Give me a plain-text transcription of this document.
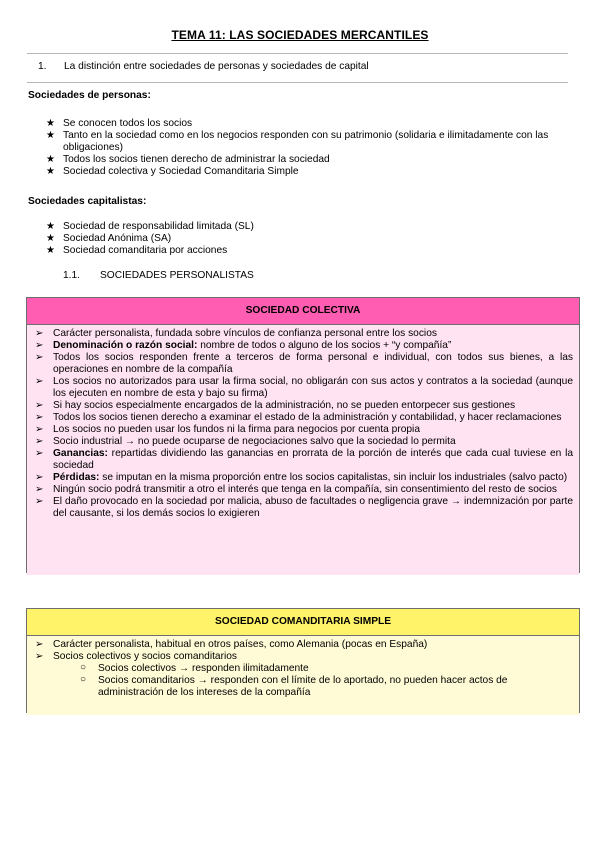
TEMA 11: LAS SOCIEDADES MERCANTILES
1. La distinción entre sociedades de personas y sociedades de capital
Sociedades de personas:
★ Se conocen todos los socios
★ Tanto en la sociedad como en los negocios responden con su patrimonio (solidaria e ilimitadamente con las obligaciones)
★ Todos los socios tienen derecho de administrar la sociedad
★ Sociedad colectiva y Sociedad Comanditaria Simple
Sociedades capitalistas:
★ Sociedad de responsabilidad limitada (SL)
★ Sociedad Anónima (SA)
★ Sociedad comanditaria por acciones
1.1. SOCIEDADES PERSONALISTAS
SOCIEDAD COLECTIVA
➢ Carácter personalista, fundada sobre vínculos de confianza personal entre los socios
➢ Denominación o razón social: nombre de todos o alguno de los socios + “y compañía”
➢ Todos los socios responden frente a terceros de forma personal e individual, con todos sus bienes, a las operaciones en nombre de la compañía
➢ Los socios no autorizados para usar la firma social, no obligarán con sus actos y contratos a la sociedad (aunque los ejecuten en nombre de esta y bajo su firma)
➢ Si hay socios especialmente encargados de la administración, no se pueden entorpecer sus gestiones
➢ Todos los socios tienen derecho a examinar el estado de la administración y contabilidad, y hacer reclamaciones
➢ Los socios no pueden usar los fundos ni la firma para negocios por cuenta propia
➢ Socio industrial → no puede ocuparse de negociaciones salvo que la sociedad lo permita
➢ Ganancias: repartidas dividiendo las ganancias en prorrata de la porción de interés que cada cual tuviese en la sociedad
➢ Pérdidas: se imputan en la misma proporción entre los socios capitalistas, sin incluir los industriales (salvo pacto)
➢ Ningún socio podrá transmitir a otro el interés que tenga en la compañía, sin consentimiento del resto de socios
➢ El daño provocado en la sociedad por malicia, abuso de facultades o negligencia grave → indemnización por parte del causante, si los demás socios lo exigieren
SOCIEDAD COMANDITARIA SIMPLE
➢ Carácter personalista, habitual en otros países, como Alemania (pocas en España)
➢ Socios colectivos y socios comanditarios
○ Socios colectivos → responden ilimitadamente
○ Socios comanditarios → responden con el límite de lo aportado, no pueden hacer actos de administración de los intereses de la compañía
